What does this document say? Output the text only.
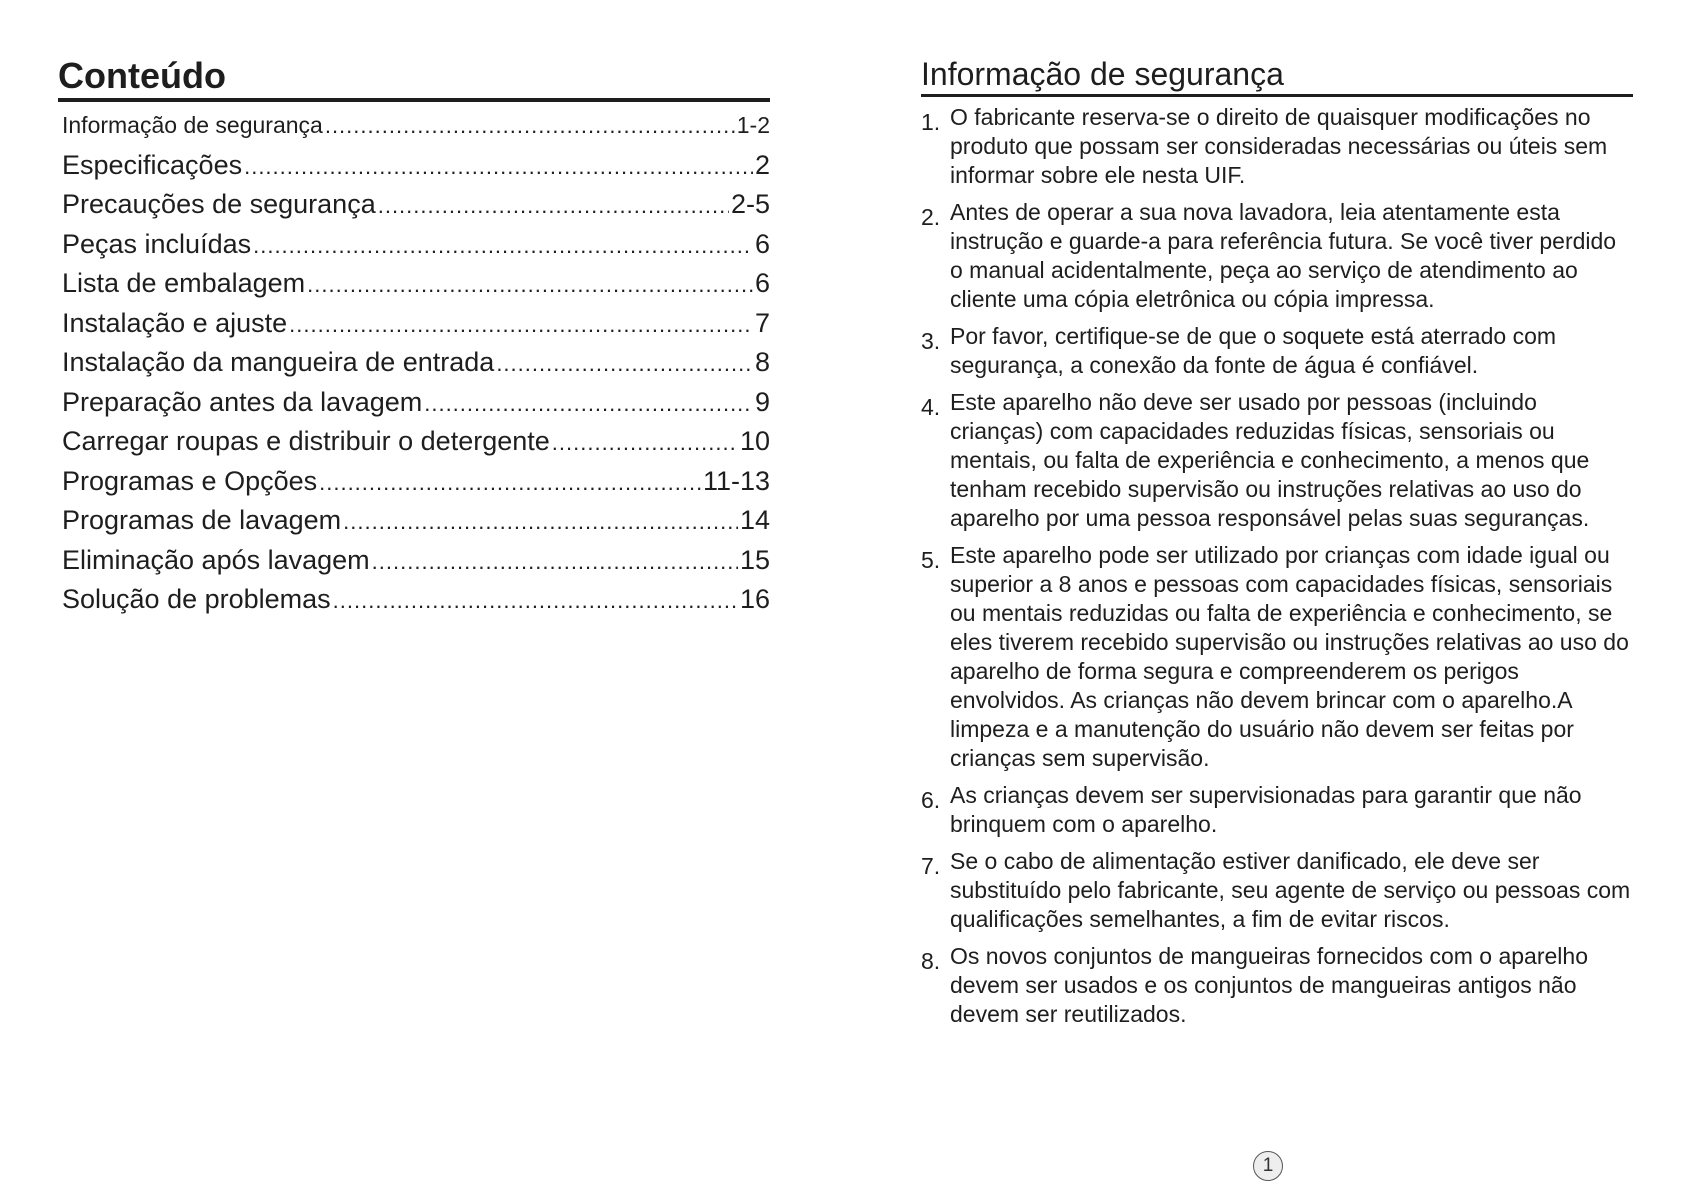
Conteúdo
Informação de segurança .....	1-2
Especificações .....	2
Precauções de segurança .....	2-5
Peças incluídas .....	6
Lista de embalagem .....	6
Instalação e ajuste .....	7
Instalação da mangueira de entrada .....	8
Preparação antes da lavagem .....	9
Carregar roupas e distribuir o detergente .....	10
Programas e Opções .....	11-13
Programas de lavagem .....	14
Eliminação após lavagem .....	15
Solução de problemas .....	16
Informação de segurança
1. O fabricante reserva-se o direito de quaisquer modificações no produto que possam ser consideradas necessárias ou úteis sem informar sobre ele nesta UIF.
2. Antes de operar a sua nova lavadora, leia atentamente esta instrução e guarde-a para referência futura. Se você tiver perdido o manual acidentalmente, peça ao serviço de atendimento ao cliente uma cópia eletrônica ou cópia impressa.
3. Por favor, certifique-se de que o soquete está aterrado com segurança, a conexão da fonte de água é confiável.
4. Este aparelho não deve ser usado por pessoas (incluindo crianças) com capacidades reduzidas físicas, sensoriais ou mentais, ou falta de experiência e conhecimento, a menos que tenham recebido supervisão ou instruções relativas ao uso do aparelho por uma pessoa responsável pelas suas seguranças.
5. Este aparelho pode ser utilizado por crianças com idade igual ou superior a 8 anos e pessoas com capacidades físicas, sensoriais ou mentais reduzidas ou falta de experiência e conhecimento, se eles tiverem recebido supervisão ou instruções relativas ao uso do aparelho de forma segura e compreenderem os perigos envolvidos. As crianças não devem brincar com o aparelho.A limpeza e a manutenção do usuário não devem ser feitas por crianças sem supervisão.
6. As crianças devem ser supervisionadas para garantir que não brinquem com o aparelho.
7. Se o cabo de alimentação estiver danificado, ele deve ser substituído pelo fabricante, seu agente de serviço ou pessoas com qualificações semelhantes, a fim de evitar riscos.
8. Os novos conjuntos de mangueiras fornecidos com o aparelho devem ser usados e os conjuntos de mangueiras antigos não devem ser reutilizados.
1
